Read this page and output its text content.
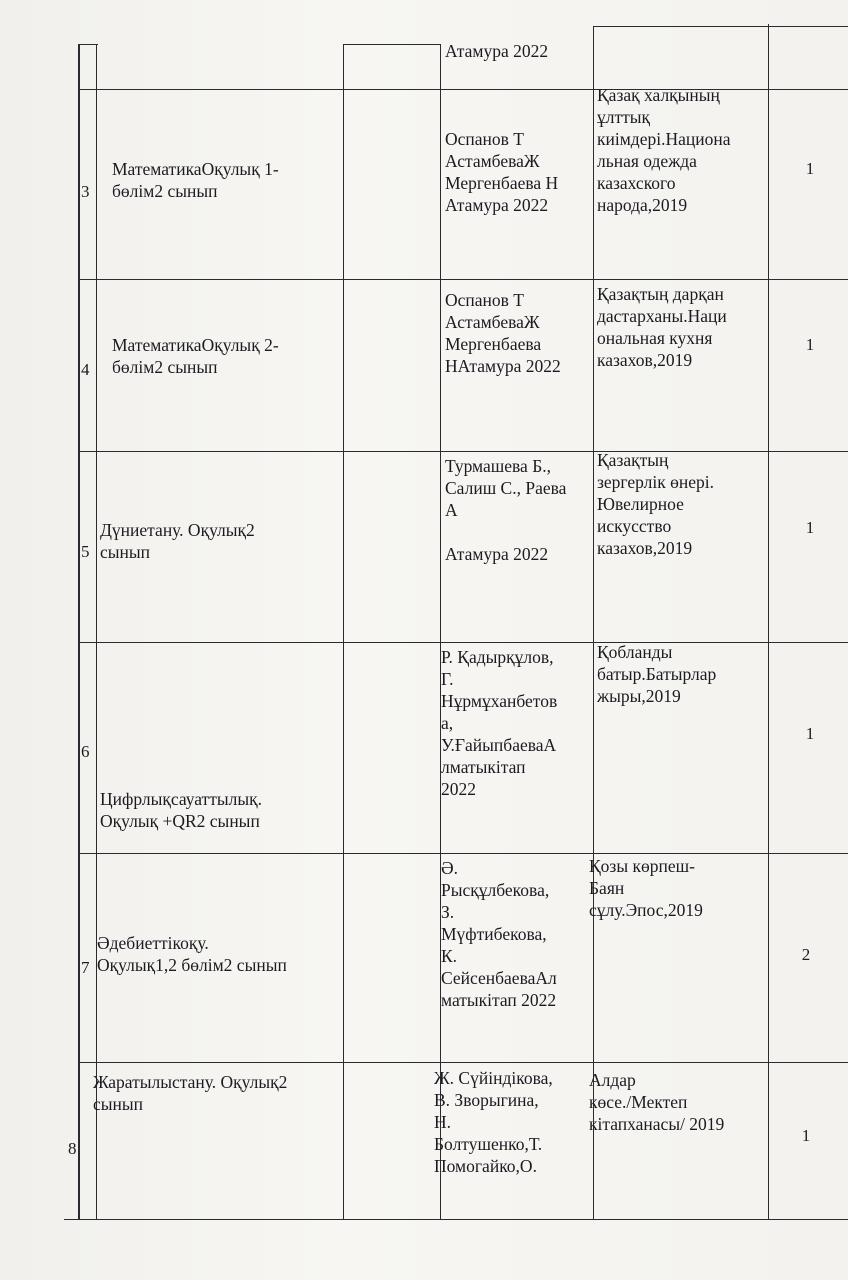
Атамура 2022
3
МатематикаОқулық 1-
бөлім2 сынып
Оспанов Т
АстамбеваЖ
Мергенбаева Н
Атамура 2022
Қазақ халқының
ұлттық
киімдері.Национа
льная одежда
казахского
народа,2019
1
4
МатематикаОқулық 2-
бөлім2 сынып
Оспанов Т
АстамбеваЖ
Мергенбаева
НАтамура 2022
Қазақтың дарқан
дастарханы.Наци
ональная кухня
казахов,2019
1
5
Дүниетану. Оқулық2
сынып
Турмашева Б.,
Салиш С., Раева
А

Атамура 2022
Қазақтың
зергерлік өнері.
Ювелирное
искусство
казахов,2019
1
6
Цифрлықсауаттылық.
Оқулық +QR2 сынып
Р. Қадырқұлов,
Г.
Нұрмұханбетов
а,
У.ҒайыпбаеваА
лматыкітап
2022
Қобланды
батыр.Батырлар
жыры,2019
1
7
Әдебиеттікоқу.
Оқулық1,2 бөлім2 сынып
Ә.
Рысқұлбекова,
З.
Мүфтибекова,
К.
СейсенбаеваАл
матыкітап 2022
Қозы көрпеш-
Баян
сұлу.Эпос,2019
2
8
Жаратылыстану. Оқулық2
сынып
Ж. Сүйіндікова,
В. Зворыгина,
Н.
Болтушенко,Т.
Помогайко,О.
Алдар
көсе./Мектеп
кітапханасы/ 2019
1
